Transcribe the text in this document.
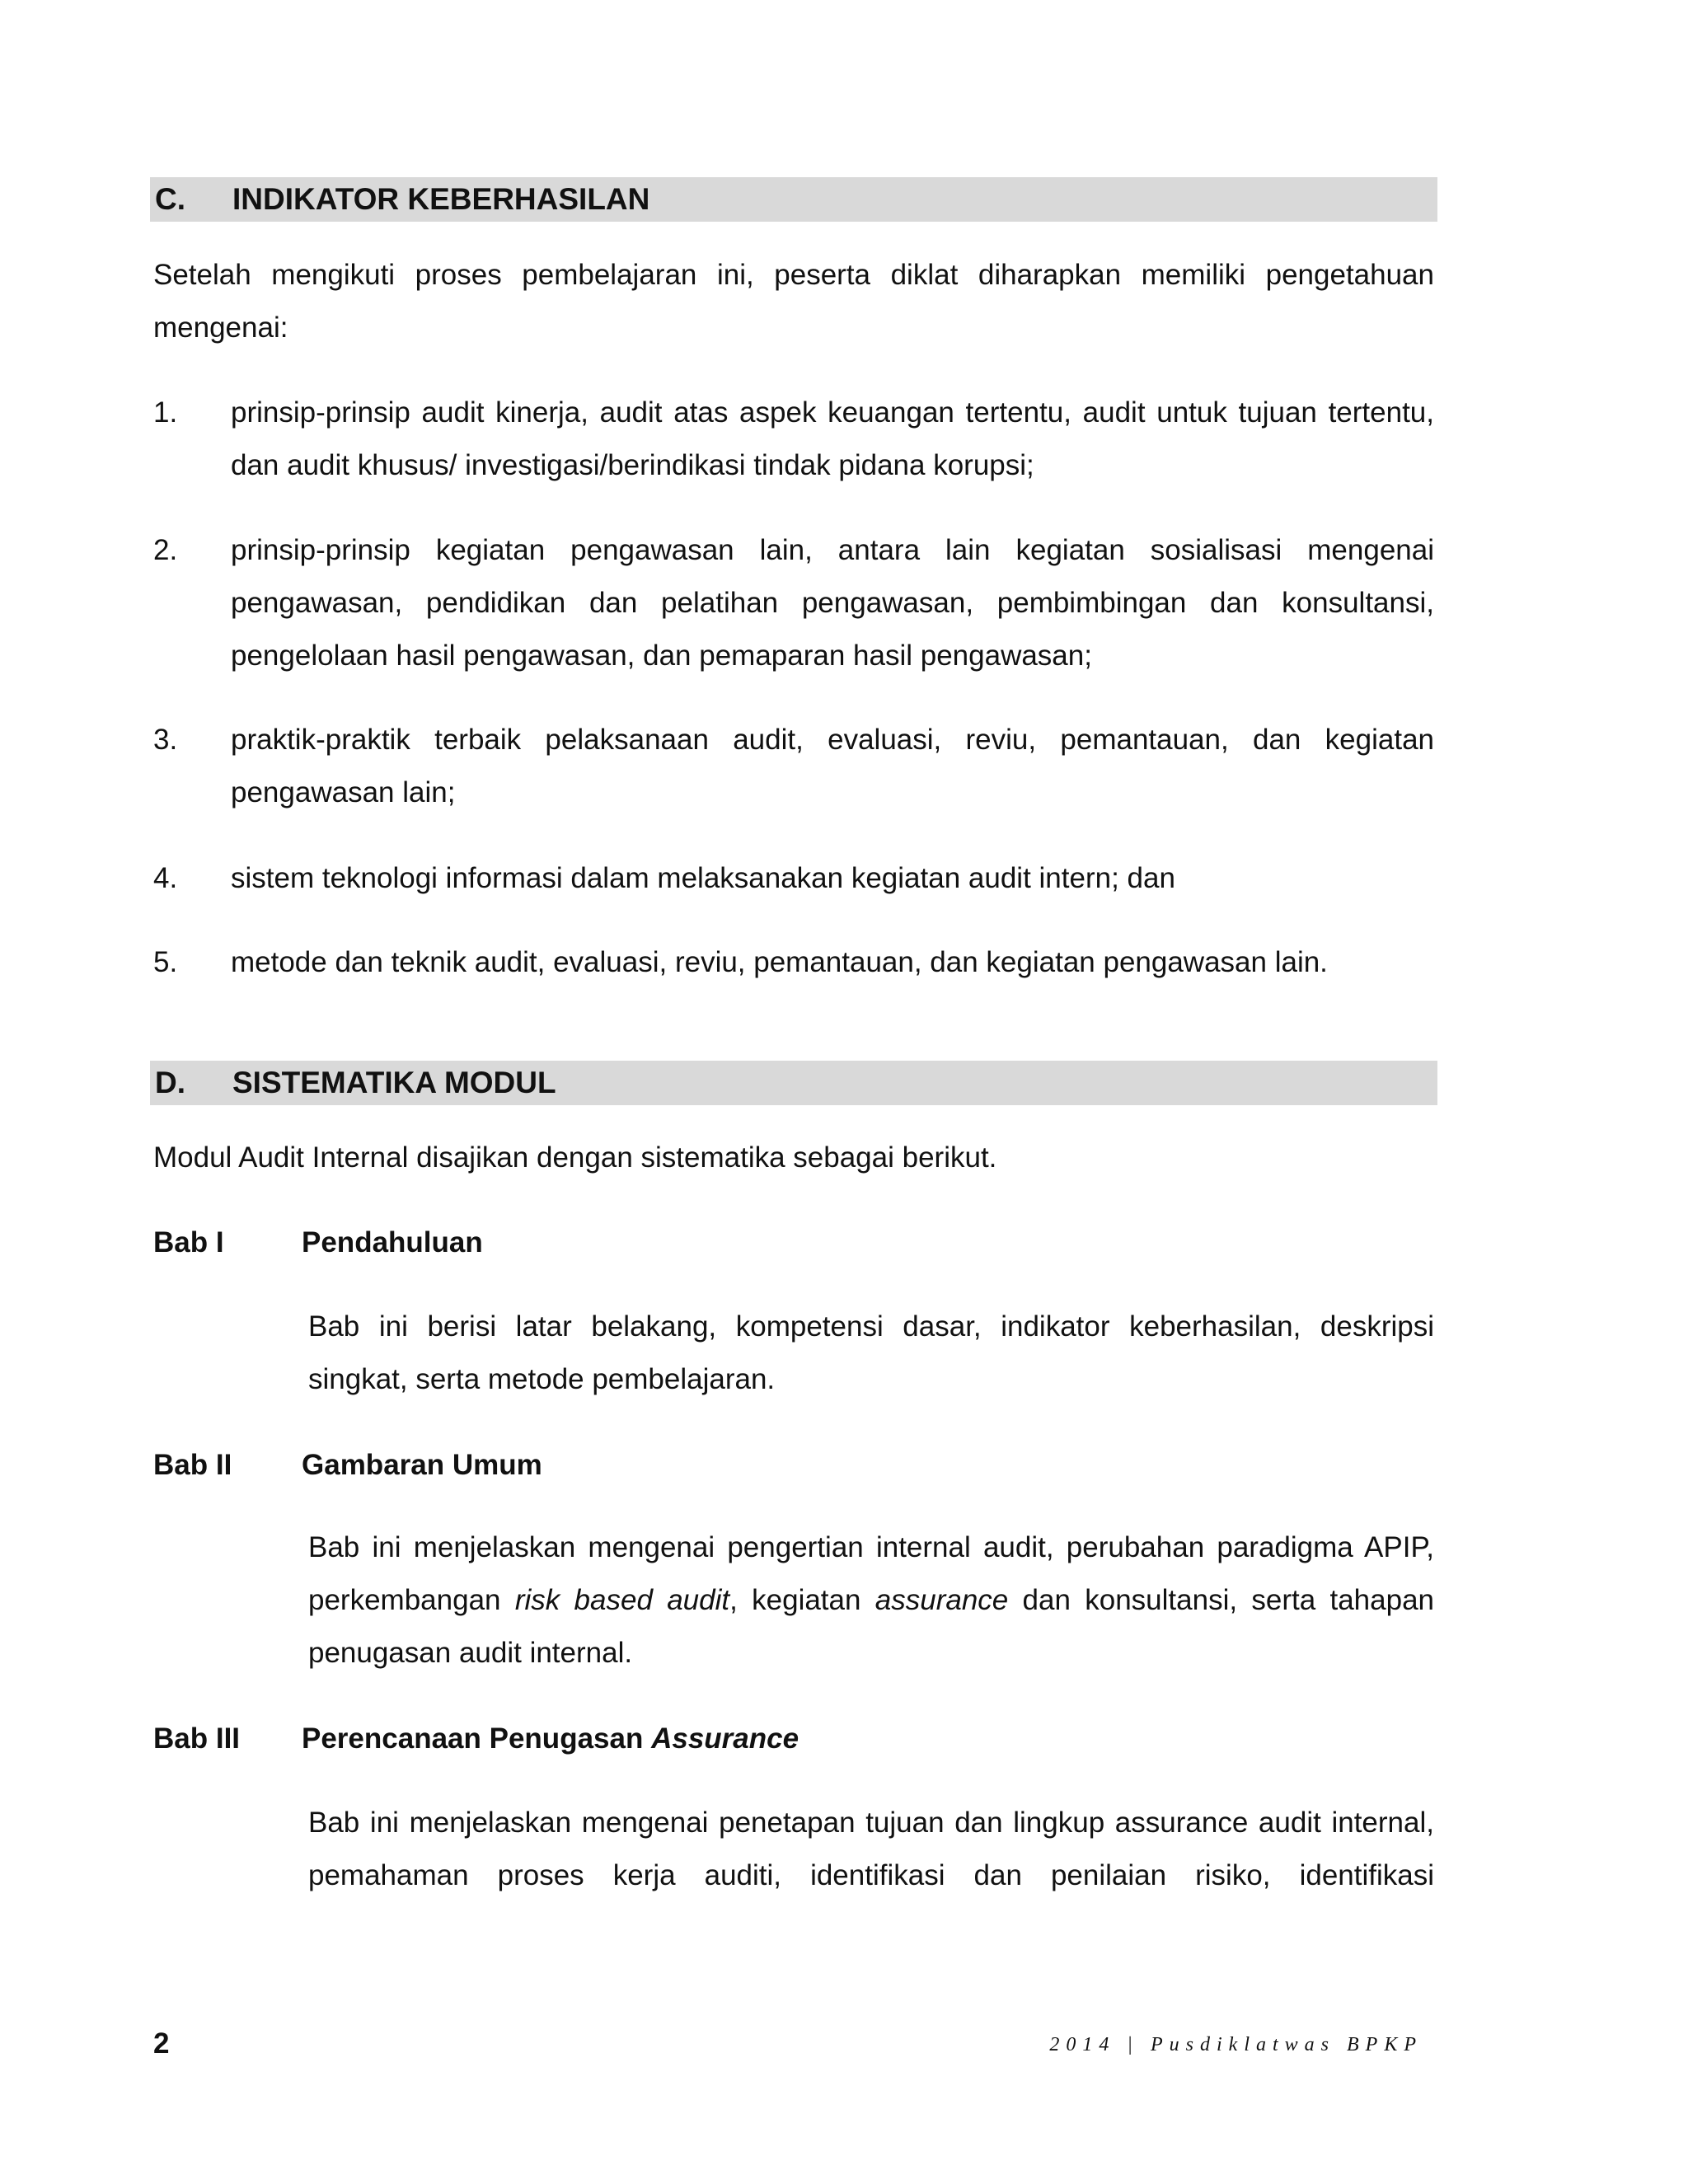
C. INDIKATOR KEBERHASILAN

Setelah mengikuti proses pembelajaran ini, peserta diklat diharapkan memiliki pengetahuan mengenai:

1. prinsip-prinsip audit kinerja, audit atas aspek keuangan tertentu, audit untuk tujuan tertentu, dan audit khusus/ investigasi/berindikasi tindak pidana korupsi;
2. prinsip-prinsip kegiatan pengawasan lain, antara lain kegiatan sosialisasi mengenai pengawasan, pendidikan dan pelatihan pengawasan, pembimbingan dan konsultansi, pengelolaan hasil pengawasan, dan pemaparan hasil pengawasan;
3. praktik-praktik terbaik pelaksanaan audit, evaluasi, reviu, pemantauan, dan kegiatan pengawasan lain;
4. sistem teknologi informasi dalam melaksanakan kegiatan audit intern; dan
5. metode dan teknik audit, evaluasi, reviu, pemantauan, dan kegiatan pengawasan lain.
D. SISTEMATIKA MODUL

Modul Audit Internal disajikan dengan sistematika sebagai berikut.

Bab I	Pendahuluan

Bab ini berisi latar belakang, kompetensi dasar, indikator keberhasilan, deskripsi singkat, serta metode pembelajaran.

Bab II Gambaran Umum

Bab ini menjelaskan mengenai pengertian internal audit, perubahan paradigma APIP, perkembangan risk based audit, kegiatan assurance dan konsultansi, serta tahapan penugasan audit internal.

Bab III Perencanaan Penugasan Assurance

Bab ini menjelaskan mengenai penetapan tujuan dan lingkup assurance audit internal, pemahaman proses kerja auditi, identifikasi dan penilaian risiko, identifikasi

2	2014 | Pusdiklatwas BPKP
